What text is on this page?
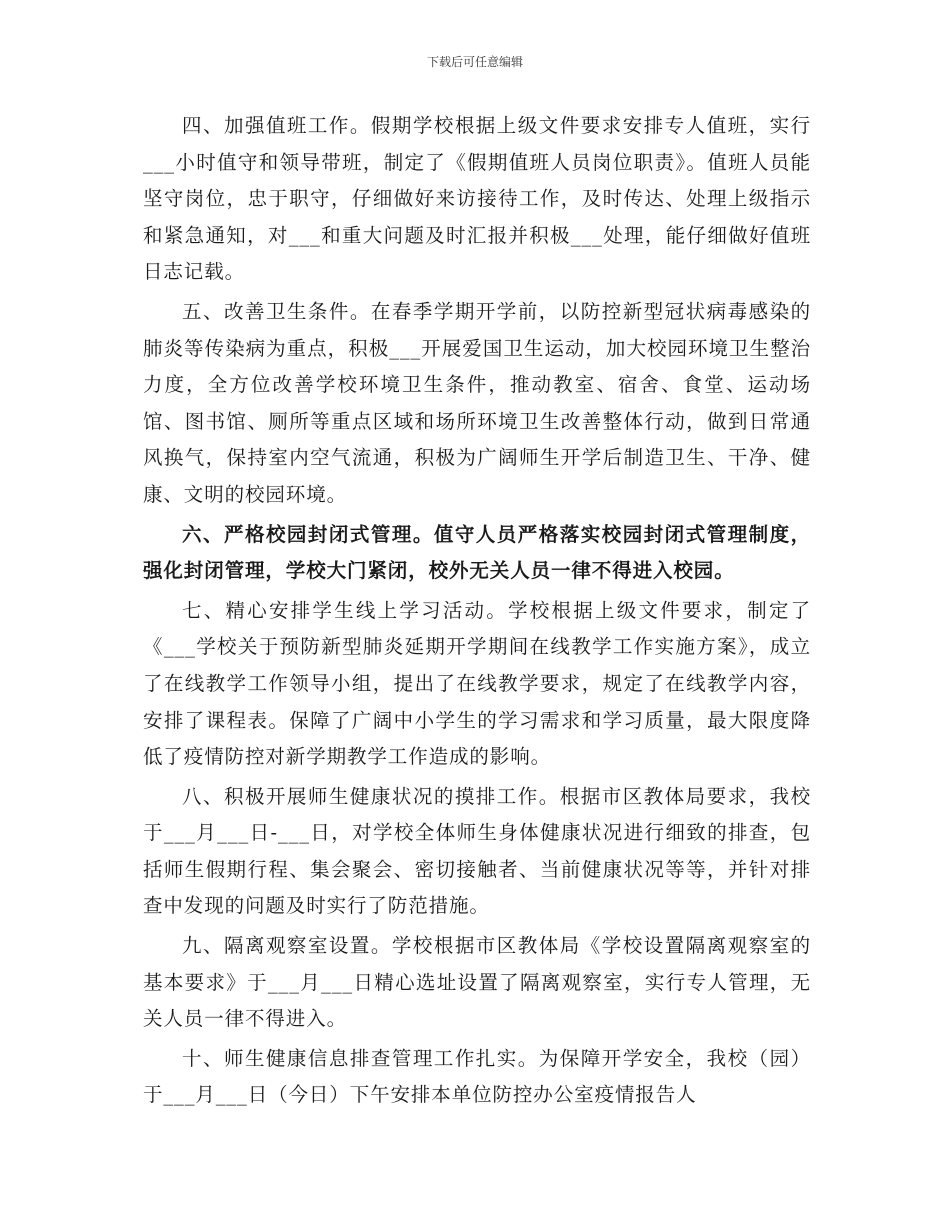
下载后可任意编辑

四、加强值班工作。假期学校根据上级文件要求安排专人值班，实行___小时值守和领导带班，制定了《假期值班人员岗位职责》。值班人员能坚守岗位，忠于职守，仔细做好来访接待工作，及时传达、处理上级指示和紧急通知，对___和重大问题及时汇报并积极___处理，能仔细做好值班日志记载。

五、改善卫生条件。在春季学期开学前，以防控新型冠状病毒感染的肺炎等传染病为重点，积极___开展爱国卫生运动，加大校园环境卫生整治力度，全方位改善学校环境卫生条件，推动教室、宿舍、食堂、运动场馆、图书馆、厕所等重点区域和场所环境卫生改善整体行动，做到日常通风换气，保持室内空气流通，积极为广阔师生开学后制造卫生、干净、健康、文明的校园环境。

六、严格校园封闭式管理。值守人员严格落实校园封闭式管理制度，强化封闭管理，学校大门紧闭，校外无关人员一律不得进入校园。

七、精心安排学生线上学习活动。学校根据上级文件要求，制定了《___学校关于预防新型肺炎延期开学期间在线教学工作实施方案》，成立了在线教学工作领导小组，提出了在线教学要求，规定了在线教学内容，安排了课程表。保障了广阔中小学生的学习需求和学习质量，最大限度降低了疫情防控对新学期教学工作造成的影响。

八、积极开展师生健康状况的摸排工作。根据市区教体局要求，我校于___月___日-___日，对学校全体师生身体健康状况进行细致的排查，包括师生假期行程、集会聚会、密切接触者、当前健康状况等等，并针对排查中发现的问题及时实行了防范措施。

九、隔离观察室设置。学校根据市区教体局《学校设置隔离观察室的基本要求》于___月___日精心选址设置了隔离观察室，实行专人管理，无关人员一律不得进入。

十、师生健康信息排查管理工作扎实。为保障开学安全，我校（园）于___月___日（今日）下午安排本单位防控办公室疫情报告人
